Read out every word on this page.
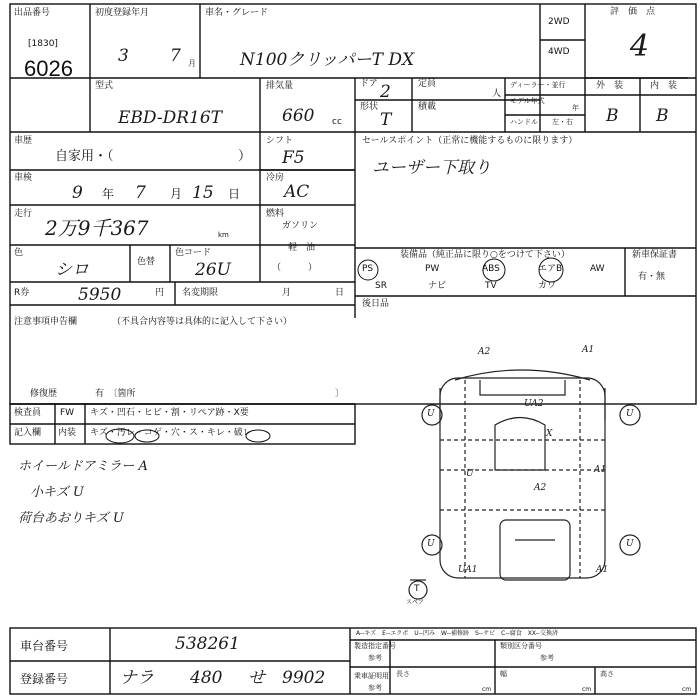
出品番号
[1830]
6026
初度登録年月
3 7 月
車名・グレード
N100クリッパーT DX
2WD
4WD
評　価　点
4
型式
EBD-DR16T
排気量
660 cc
ドア 2	定員
人
形状
T
積載
ディーラー・並行
モデル年式
年
ハンドル 左・右
外　装	内　装
B B
車歴
自家用・（	）
シフト
F5
車検
9 年 7 月 15 日
冷房
AC
走行
2万9千367	km
燃料
ガソリン
軽　油
（　　　）
色
シロ	色替
色コード
26U
R券	5950	円 名変期限	月	日
セールスポイント（正常に機能するものに限ります）
ユーザー下取り
装備品（純正品に限り○をつけて下さい）
PS	PW	ABS	エアB	AW
SR	ナビ	TV	カワ
新車保証書
有・無
後日品
注意事項申告欄	（不具合内容等は具体的に記入して下さい）
修復歴	有　〔箇所	〕
検査員
記入欄
FW キズ・凹石・ヒビ・割・リペア跡・X要
内装 キズ・汚レ・コゲ・穴・ス・キレ・破レ
ホイールドアミラー A
小キズ U
荷台あおりキズ U
A2	A1
U
UA2
X
U
A1
A2
U
U
UA1	A1
U
T
スペア
A--キズ　E--エクボ　U--凹み　W--補修跡　S--サビ　C--腐食　XX--交換済
車台番号	538261
登録番号	ナラ 480 せ 9902
製造指定番号
参考
類別区分番号
参考
乗車証明用
参考
長さ
cm
幅
cm
高さ
cm
